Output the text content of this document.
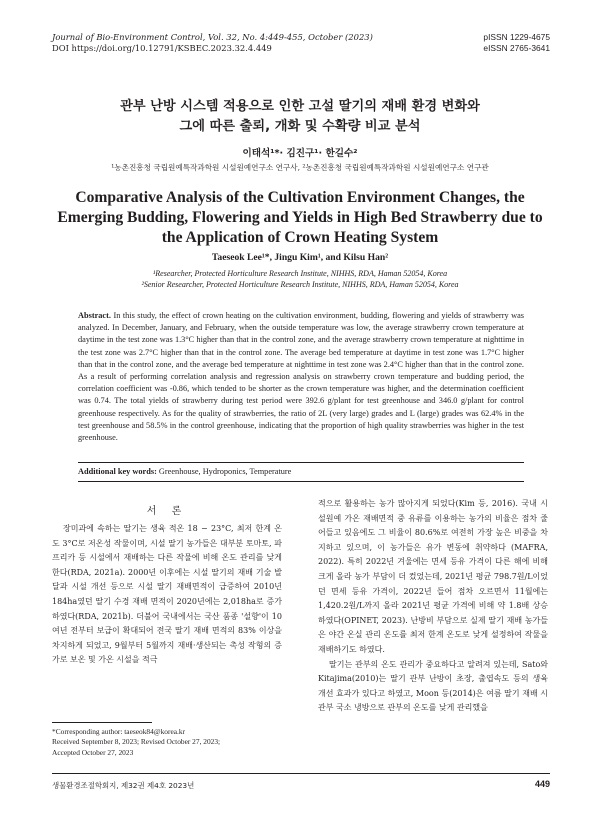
Journal of Bio-Environment Control, Vol. 32, No. 4:449-455, October (2023)
DOI https://doi.org/10.12791/KSBEC.2023.32.4.449
pISSN 1229-4675
eISSN 2765-3641
관부 난방 시스템 적용으로 인한 고설 딸기의 재배 환경 변화와
그에 따른 출뢰, 개화 및 수확량 비교 분석
이태석¹*· 김진구¹· 한길수²
¹농촌진흥청 국립원예특작과학원 시설원예연구소 연구사, ²농촌진흥청 국립원예특작과학원 시설원예연구소 연구관
Comparative Analysis of the Cultivation Environment Changes, the
Emerging Budding, Flowering and Yields in High Bed Strawberry due to
the Application of Crown Heating System
Taeseok Lee¹*, Jingu Kim¹, and Kilsu Han²
¹Researcher, Protected Horticulture Research Institute, NIHHS, RDA, Haman 52054, Korea
²Senior Researcher, Protected Horticulture Research Institute, NIHHS, RDA, Haman 52054, Korea
Abstract. In this study, the effect of crown heating on the cultivation environment, budding, flowering and yields of strawberry was analyzed. In December, January, and February, when the outside temperature was low, the average strawberry crown temperature at daytime in the test zone was 1.3°C higher than that in the control zone, and the average strawberry crown temperature at nighttime in the test zone was 2.7°C higher than that in the control zone. The average bed temperature at daytime in test zone was 1.7°C higher than that in the control zone, and the average bed temperature at nighttime in test zone was 2.4°C higher than that in the control zone. As a result of performing correlation analysis and regression analysis on strawberry crown temperature and budding period, the correlation coefficient was -0.86, which tended to be shorter as the crown temperature was higher, and the determination coefficient was 0.74. The total yields of strawberry during test period were 392.6 g/plant for test greenhouse and 346.0 g/plant for control greenhouse respectively. As for the quality of strawberries, the ratio of 2L (very large) grades and L (large) grades was 62.4% in the test greenhouse and 58.5% in the control greenhouse, indicating that the proportion of high quality strawberries was higher in the test greenhouse.
Additional key words: Greenhouse, Hydroponics, Temperature
서 론

장미과에 속하는 딸기는 생육 적온 18 − 23°C, 최저 한계 온도 3°C로 저온성 작물이며, 시설 딸기 농가들은 대부분 토마토, 파프리카 등 시설에서 재배하는 다른 작물에 비해 온도 관리를 낮게 한다(RDA, 2021a). 2000년 이후에는 시설 딸기의 재배 기술 발달과 시설 개선 등으로 시설 딸기 재배면적이 급증하여 2010년 184ha였던 딸기 수경 재배 면적이 2020년에는 2,018ha로 증가하였다(RDA, 2021b). 더불어 국내에서는 국산 품종 '설향'이 10여년 전부터 보급이 확대되어 전국 딸기 재배 면적의 83% 이상을 차지하게 되었고, 9월부터 5월까지 재배·생산되는 촉성 작형의 증가로 보온 및 가온 시설을 적극

적으로 활용하는 농가 많아지게 되었다(Kim 등, 2016). 국내 시설원예 가온 재배면적 중 유류를 이용하는 농가의 비율은 점차 줄어들고 있음에도 그 비율이 80.6%로 여전히 가장 높은 비중을 차지하고 있으며, 이 농가들은 유가 변동에 취약하다 (MAFRA, 2022). 특히 2022년 겨울에는 면세 등유 가격이 다른 해에 비해 크게 올라 농가 부담이 더 컸었는데, 2021년 평균 798.7원/L이었던 면세 등유 가격이, 2022년 들어 점차 오르면서 11월에는 1,420.2원/L까지 올라 2021년 평균 가격에 비해 약 1.8배 상승하였다(OPINET, 2023). 난방비 부담으로 실제 딸기 재배 농가들은 야간 온실 관리 온도를 최저 한계 온도로 낮게 설정하여 작물을 재배하기도 하였다.

딸기는 관부의 온도 관리가 중요하다고 알려져 있는데, Sato와 Kitajima(2010)는 딸기 관부 난방이 초장, 출엽속도 등의 생육 개선 효과가 있다고 하였고, Moon 등(2014)은 여름 딸기 재배 시 관부 국소 냉방으로 관부의 온도를 낮게 관리했을

*Corresponding author: taeseok84@korea.kr
Received September 8, 2023; Revised October 27, 2023;
Accepted October 27, 2023
생물환경조절학회지, 제32권 제4호 2023년	449
